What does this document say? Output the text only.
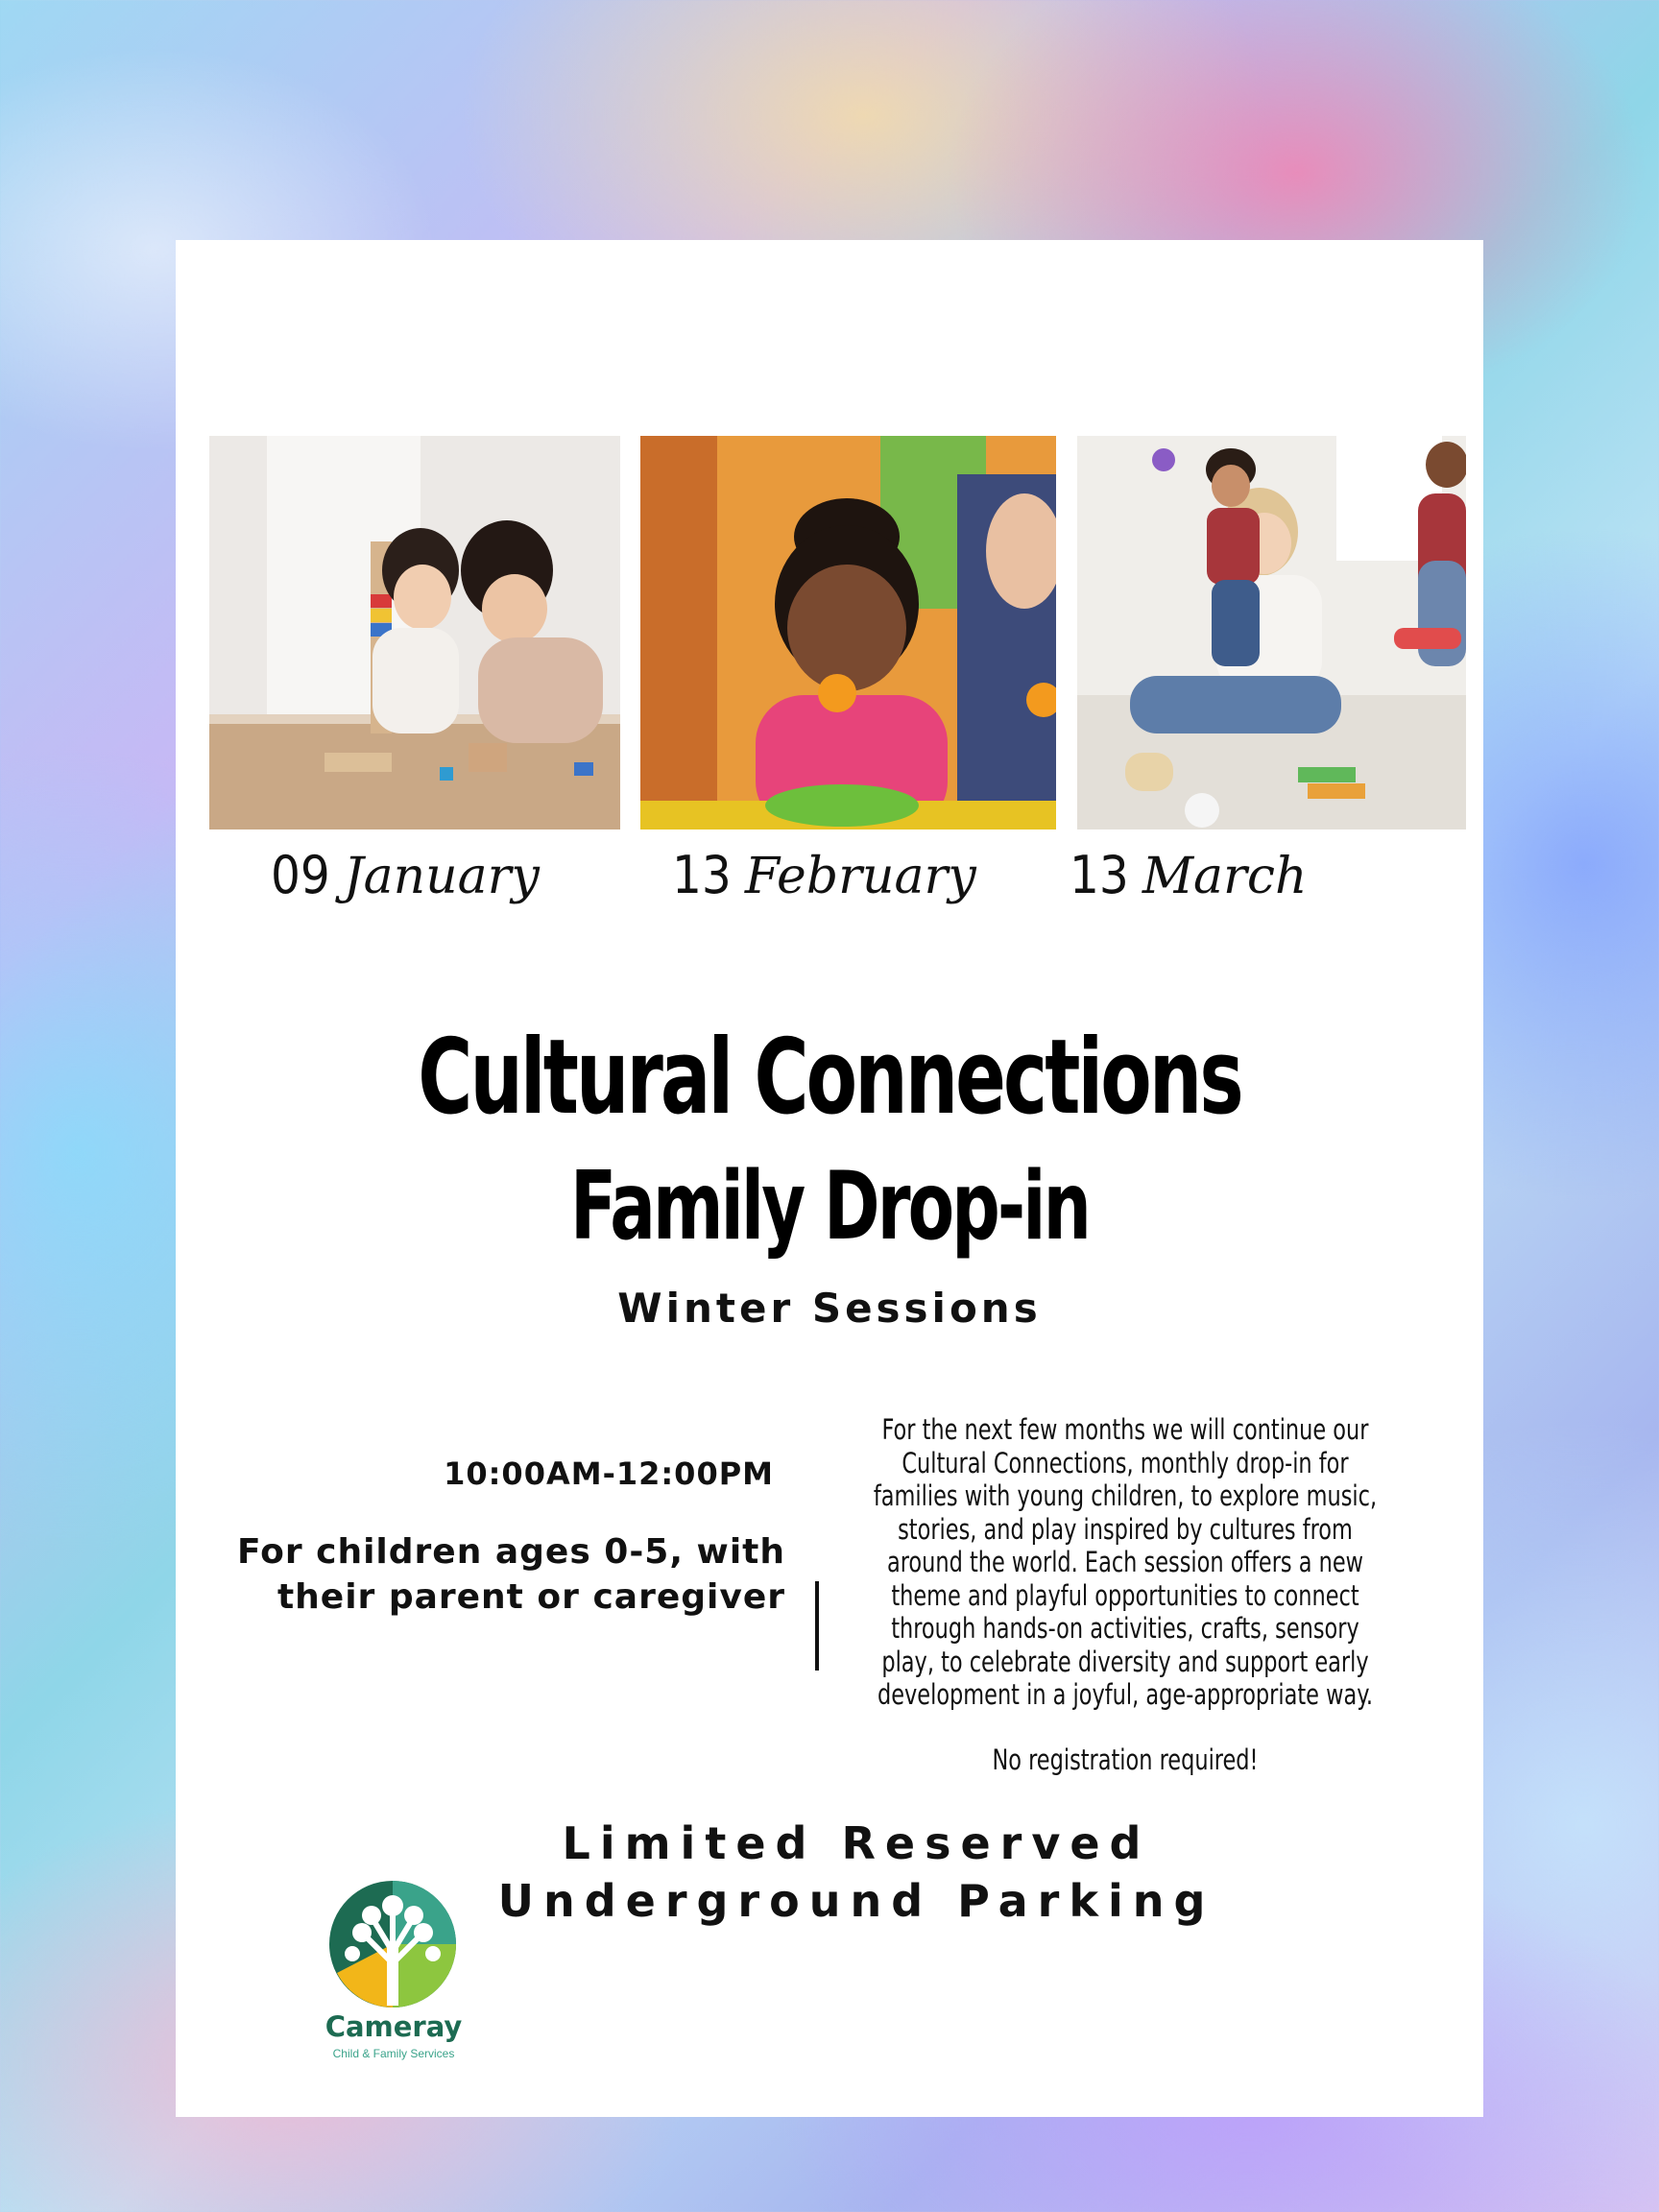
09 January	13 February 13 March
Cultural Connections
Family Drop-in
Winter Sessions
10:00AM-12:00PM
For children ages 0-5, with
their parent or caregiver
For the next few months we will continue our Cultural Connections, monthly drop-in for families with young children, to explore music, stories, and play inspired by cultures from around the world. Each session offers a new theme and playful opportunities to connect through hands-on activities, crafts, sensory play, to celebrate diversity and support early development in a joyful, age-appropriate way.
No registration required!
Limited Reserved
Underground Parking
Cameray
Child & Family Services
